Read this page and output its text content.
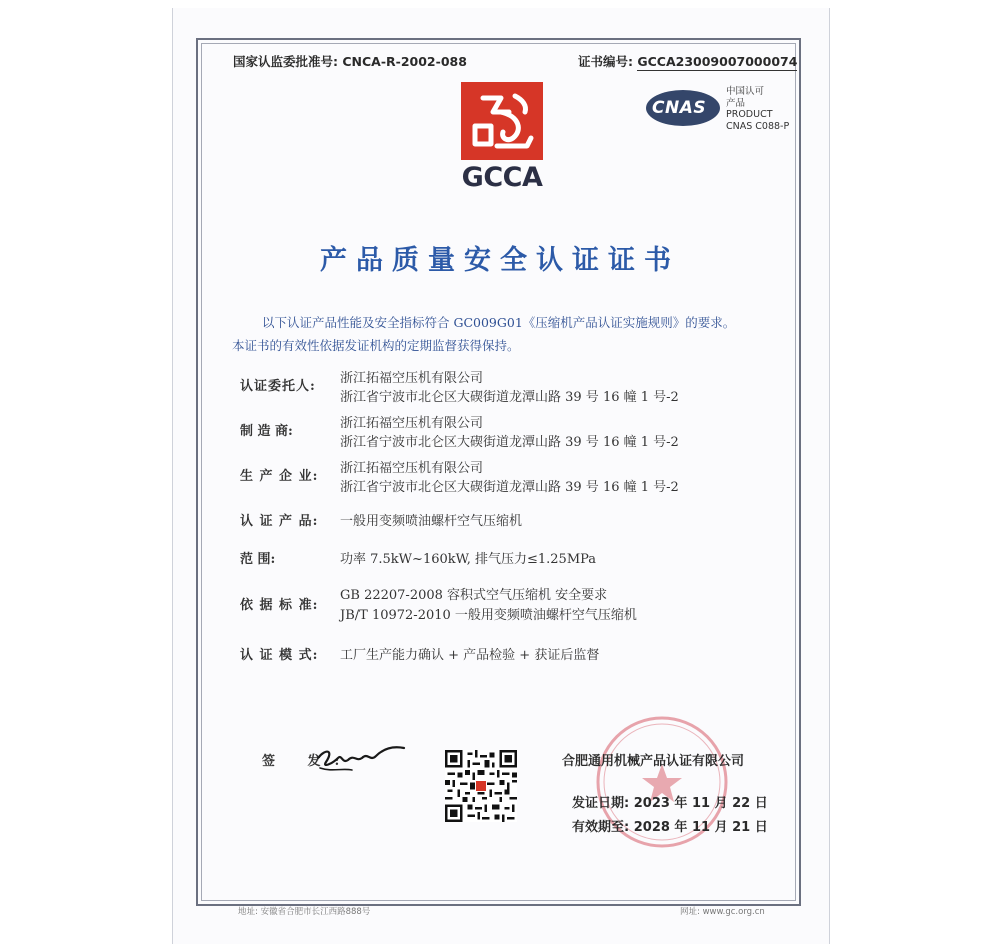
国家认监委批准号: CNCA-R-2002-088	证书编号: GCCA23009007000074
GCCA
CNAS
中国认可
产品
PRODUCT
CNAS C088-P
产品质量安全认证证书
以下认证产品性能及安全指标符合 GC009G01《压缩机产品认证实施规则》的要求。
本证书的有效性依据发证机构的定期监督获得保持。
认证委托人:
浙江拓福空压机有限公司
浙江省宁波市北仑区大碶街道龙潭山路 39 号 16 幢 1 号-2
制 造 商:
浙江拓福空压机有限公司
浙江省宁波市北仑区大碶街道龙潭山路 39 号 16 幢 1 号-2
生 产 企 业:
浙江拓福空压机有限公司
浙江省宁波市北仑区大碶街道龙潭山路 39 号 16 幢 1 号-2
认 证 产 品: 一般用变频喷油螺杆空气压缩机
范 围:	功率 7.5kW~160kW, 排气压力≤1.25MPa
依 据 标 准:
GB 22207-2008 容积式空气压缩机 安全要求
JB/T 10972-2010 一般用变频喷油螺杆空气压缩机
认 证 模 式: 工厂生产能力确认 + 产品检验 + 获证后监督
签 发:	合肥通用机械产品认证有限公司
发证日期: 2023 年 11 月 22 日
有效期至: 2028 年 11 月 21 日
地址: 安徽省合肥市长江西路888号	网址: www.gc.org.cn
